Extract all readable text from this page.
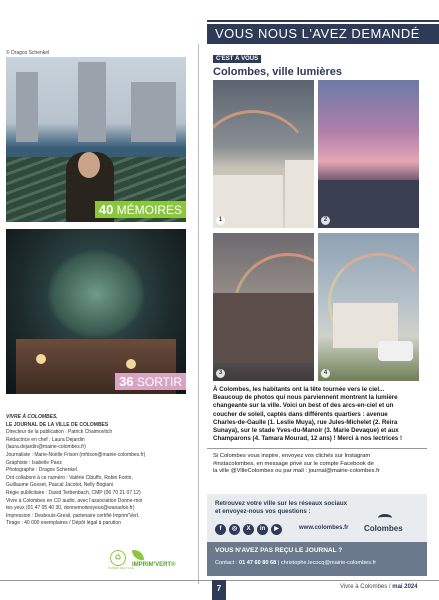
VOUS NOUS L'AVEZ DEMANDÉ
© Dragos Schenkel
40 MÉMOIRES
36 SORTIR
VIVRE À COLOMBES,
LE JOURNAL DE LA VILLE DE COLOMBES
Directeur de la publication : Patrick Chaimovitch
Rédactrice en chef : Laura Dejardin
(laura.dejardin@mairie-colombes.fr)
Journaliste : Marie-Noëlle Frison (mfrison@mairie-colombes.fr)
Graphiste : Isabelle Paez
Photographe : Dragos Schenkel
Ont collaboré à ce numéro : Valérie Cibuffo, Robin Fortin,
Guillaume Gosset, Pascal Jacotot, Nelly Bogiani
Régie publicitaire : David Terbenbach, CMP (06 70 21 07 12)
Vivre à Colombes en CD audio, avec l'association Donne-moi
tes yeux (01 47 05 40 30, donnemoitesyeux@wanadoo.fr)
Impression : Desbouis-Gresil, partenaire certifié Imprim'Vert.
Tirage : 40 000 exemplaires / Dépôt légal à parution
♻
PAPIER RECYCLÉ
IMPRIM'VERT®
C'EST À VOUS
Colombes, ville lumières
1	2
3	4
À Colombes, les habitants ont la tête tournée vers le ciel...
Beaucoup de photos qui nous parviennent montrent la lumière
changeante sur la ville. Voici un best of des arcs-en-ciel et un
coucher de soleil, captés dans différents quartiers : avenue
Charles-de-Gaulle (1. Leslie Muya), rue Jules-Michelet (2. Reira
Sunaya), sur le stade Yves-du-Manoir (3. Marie Devaque) et aux
Champarons (4. Tamara Mourad, 12 ans) ! Merci à nos lectrices !
Si Colombes vous inspire, envoyez vos clichés sur Instagram
#instacolombes, en message privé sur le compte Facebook de
la ville @VilleColombes ou par mail : journal@mairie-colombes.fr
Retrouvez votre ville sur les réseaux sociaux
et envoyez-nous vos questions :
f	◎	X	in	▶	www.colombes.fr Colombes
VOUS N'AVEZ PAS REÇU LE JOURNAL ?
Contact : 01 47 60 80 68 | christophe.lecocq@mairie-colombes.fr
7	Vivre à Colombes / mai 2024
